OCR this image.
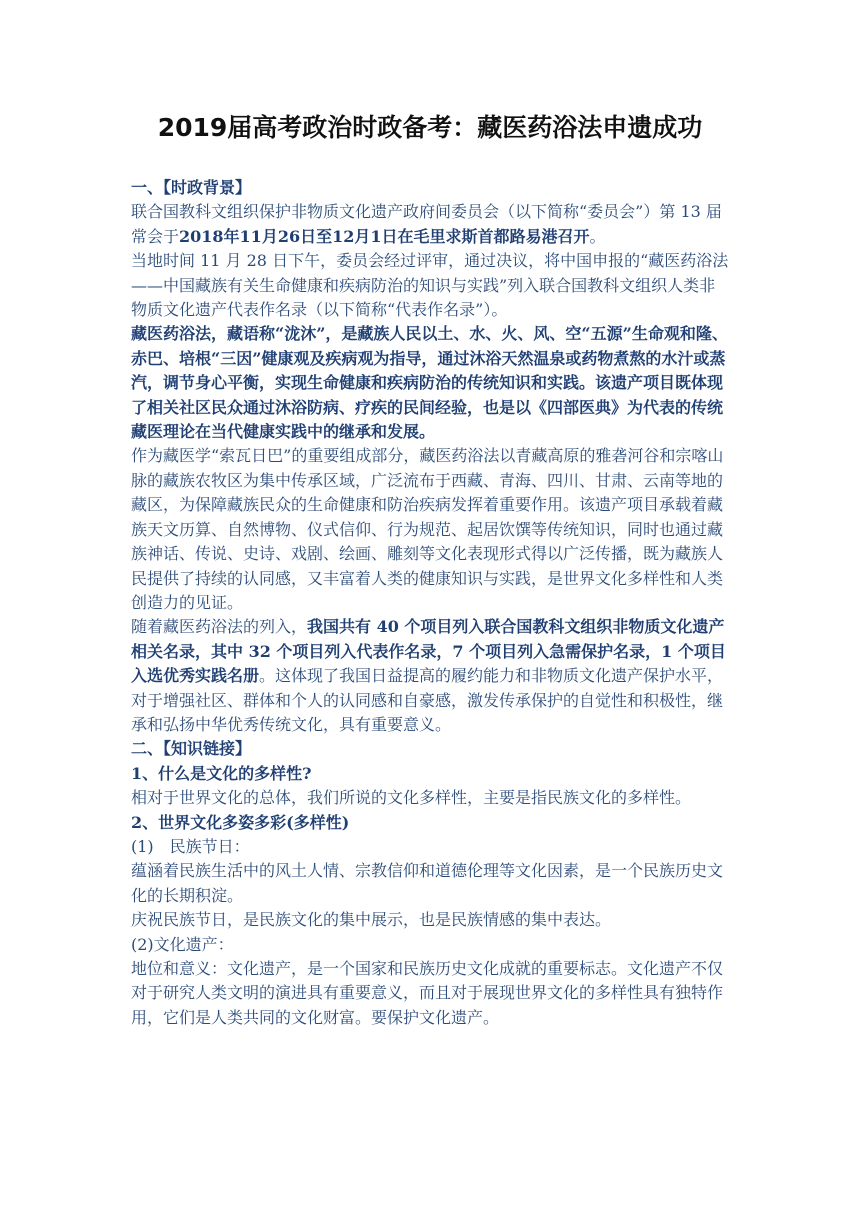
2019届高考政治时政备考：藏医药浴法申遗成功

一、【时政背景】

联合国教科文组织保护非物质文化遗产政府间委员会（以下简称“委员会”）第 13 届常会于2018年11月26日至12月1日在毛里求斯首都路易港召开。

当地时间 11 月 28 日下午，委员会经过评审，通过决议，将中国申报的“藏医药浴法——中国藏族有关生命健康和疾病防治的知识与实践”列入联合国教科文组织人类非物质文化遗产代表作名录（以下简称“代表作名录”）。

藏医药浴法，藏语称“泷沐”，是藏族人民以土、水、火、风、空“五源”生命观和隆、赤巴、培根“三因”健康观及疾病观为指导，通过沐浴天然温泉或药物煮熬的水汁或蒸汽，调节身心平衡，实现生命健康和疾病防治的传统知识和实践。该遗产项目既体现了相关社区民众通过沐浴防病、疗疾的民间经验，也是以《四部医典》为代表的传统藏医理论在当代健康实践中的继承和发展。

作为藏医学“索瓦日巴”的重要组成部分，藏医药浴法以青藏高原的雅砻河谷和宗喀山脉的藏族农牧区为集中传承区域，广泛流布于西藏、青海、四川、甘肃、云南等地的藏区，为保障藏族民众的生命健康和防治疾病发挥着重要作用。该遗产项目承载着藏族天文历算、自然博物、仪式信仰、行为规范、起居饮馔等传统知识，同时也通过藏族神话、传说、史诗、戏剧、绘画、雕刻等文化表现形式得以广泛传播，既为藏族人民提供了持续的认同感，又丰富着人类的健康知识与实践，是世界文化多样性和人类创造力的见证。

随着藏医药浴法的列入，我国共有 40 个项目列入联合国教科文组织非物质文化遗产相关名录，其中 32 个项目列入代表作名录，7 个项目列入急需保护名录，1 个项目入选优秀实践名册。这体现了我国日益提高的履约能力和非物质文化遗产保护水平，对于增强社区、群体和个人的认同感和自豪感，激发传承保护的自觉性和积极性，继承和弘扬中华优秀传统文化，具有重要意义。

二、【知识链接】

1、什么是文化的多样性?

相对于世界文化的总体，我们所说的文化多样性，主要是指民族文化的多样性。

2、世界文化多姿多彩(多样性)

(1)　民族节日：

蕴涵着民族生活中的风土人情、宗教信仰和道德伦理等文化因素，是一个民族历史文化的长期积淀。

庆祝民族节日，是民族文化的集中展示，也是民族情感的集中表达。

(2)文化遗产：

地位和意义：文化遗产，是一个国家和民族历史文化成就的重要标志。文化遗产不仅对于研究人类文明的演进具有重要意义，而且对于展现世界文化的多样性具有独特作用，它们是人类共同的文化财富。要保护文化遗产。
